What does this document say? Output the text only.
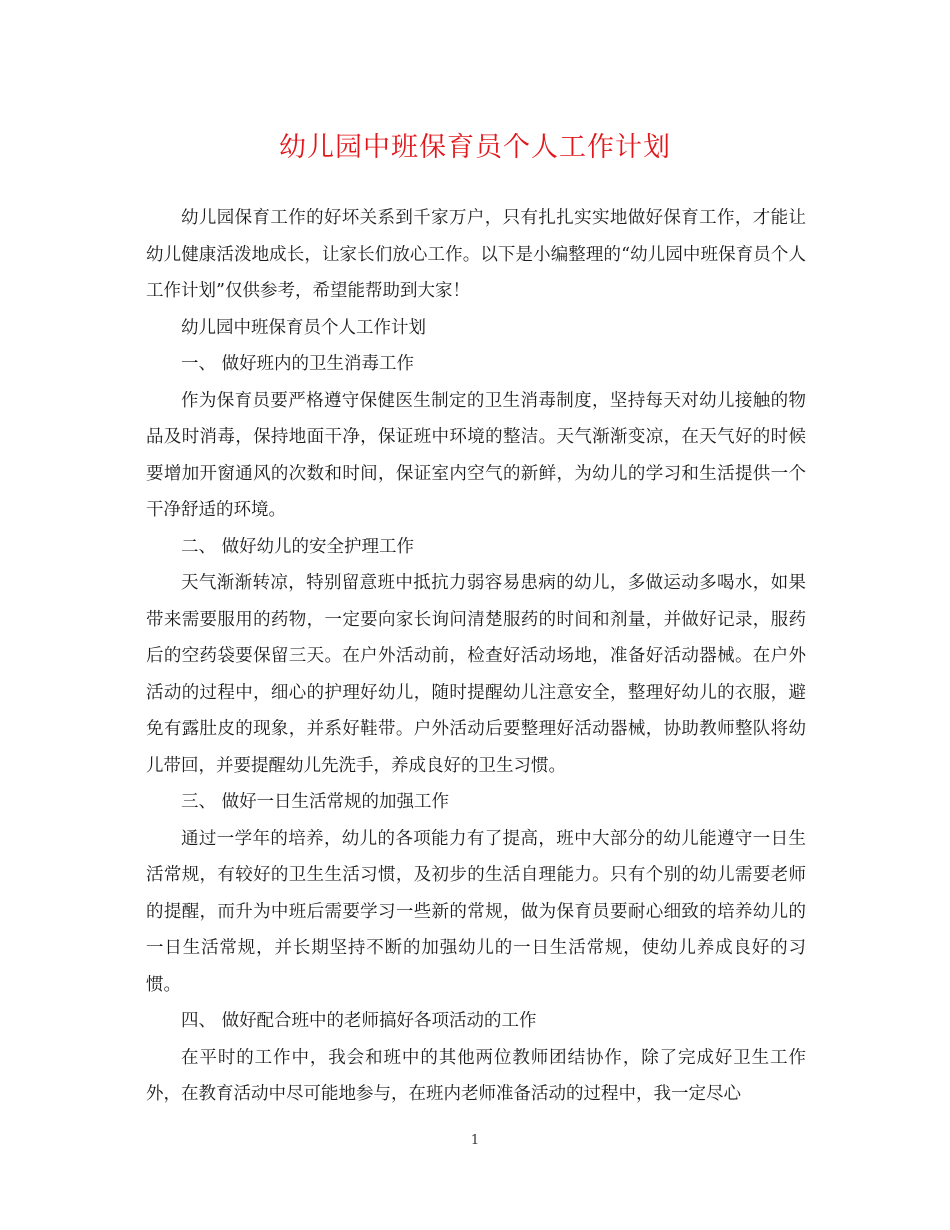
幼儿园中班保育员个人工作计划

幼儿园保育工作的好坏关系到千家万户，只有扎扎实实地做好保育工作，才能让幼儿健康活泼地成长，让家长们放心工作。以下是小编整理的“幼儿园中班保育员个人工作计划”仅供参考，希望能帮助到大家！

幼儿园中班保育员个人工作计划

一、 做好班内的卫生消毒工作

作为保育员要严格遵守保健医生制定的卫生消毒制度，坚持每天对幼儿接触的物品及时消毒，保持地面干净，保证班中环境的整洁。天气渐渐变凉，在天气好的时候要增加开窗通风的次数和时间，保证室内空气的新鲜，为幼儿的学习和生活提供一个干净舒适的环境。

二、 做好幼儿的安全护理工作

天气渐渐转凉，特别留意班中抵抗力弱容易患病的幼儿，多做运动多喝水，如果带来需要服用的药物，一定要向家长询问清楚服药的时间和剂量，并做好记录，服药后的空药袋要保留三天。在户外活动前，检查好活动场地，准备好活动器械。在户外活动的过程中，细心的护理好幼儿，随时提醒幼儿注意安全，整理好幼儿的衣服，避免有露肚皮的现象，并系好鞋带。户外活动后要整理好活动器械，协助教师整队将幼儿带回，并要提醒幼儿先洗手，养成良好的卫生习惯。

三、 做好一日生活常规的加强工作

通过一学年的培养，幼儿的各项能力有了提高，班中大部分的幼儿能遵守一日生活常规，有较好的卫生生活习惯，及初步的生活自理能力。只有个别的幼儿需要老师的提醒，而升为中班后需要学习一些新的常规，做为保育员要耐心细致的培养幼儿的一日生活常规，并长期坚持不断的加强幼儿的一日生活常规，使幼儿养成良好的习惯。

四、 做好配合班中的老师搞好各项活动的工作

在平时的工作中，我会和班中的其他两位教师团结协作，除了完成好卫生工作外，在教育活动中尽可能地参与，在班内老师准备活动的过程中，我一定尽心

1
